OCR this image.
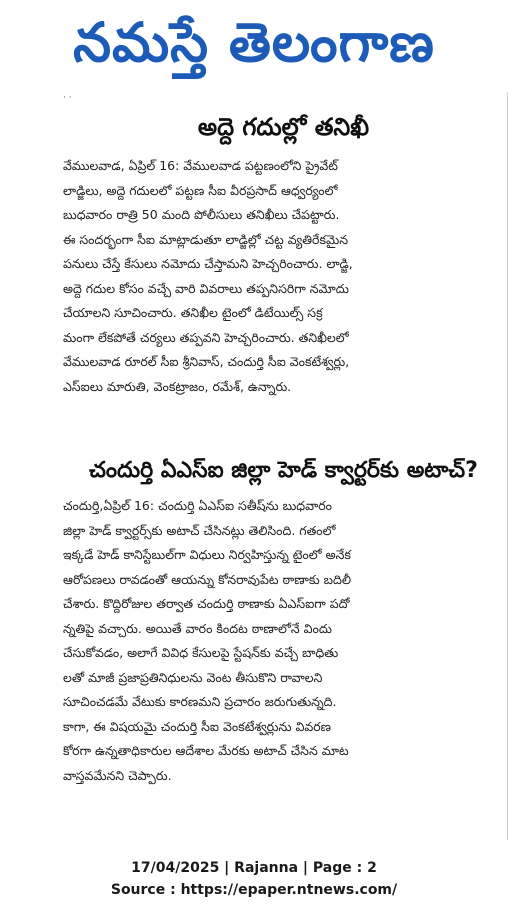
నమస్తే తెలంగాణ
· ·
అద్దె గదుల్లో తనిఖీ
వేములవాడ, ఏప్రిల్ 16: వేములవాడ పట్టణంలోని ప్రైవేట్
లాడ్జిలు, అద్దె గదులలో పట్టణ సీఐ వీరప్రసాద్ ఆధ్వర్యంలో
బుధవారం రాత్రి 50 మంది పోలీసులు తనిఖీలు చేపట్టారు.
ఈ సందర్భంగా సీఐ మాట్లాడుతూ లాడ్జిల్లో చట్ట వ్యతిరేకమైన
పనులు చేస్తే కేసులు నమోదు చేస్తామని హెచ్చరించారు. లాడ్జి,
అద్దె గదుల కోసం వచ్చే వారి వివరాలు తప్పనిసరిగా నమోదు
చేయాలని సూచించారు. తనిఖీల టైంలో డిటేయిల్స్ సక్ర
మంగా లేకపోతే చర్యలు తప్పవని హెచ్చరించారు. తనిఖీలలో
వేములవాడ రూరల్ సీఐ శ్రీనివాస్, చందుర్తి సీఐ వెంకటేశ్వర్లు,
ఎస్ఐలు మారుతి, వెంకట్రాజం, రమేశ్, ఉన్నారు.
చందుర్తి ఏఎస్ఐ జిల్లా హెడ్ క్వార్టర్‌కు అటాచ్?
చందుర్తి,ఏప్రిల్ 16: చందుర్తి ఏఎస్ఐ సతీష్‌ను బుధవారం
జిల్లా హెడ్ క్వార్టర్స్‌కు అటాచ్ చేసినట్లు తెలిసింది. గతంలో
ఇక్కడే హెడ్ కానిస్టేబుల్‌గా విధులు నిర్వహిస్తున్న టైంలో అనేక
ఆరోపణలు రావడంతో ఆయన్ను కోనరావుపేట ఠాణాకు బదిలీ
చేశారు. కొద్దిరోజుల తర్వాత చందుర్తి ఠాణాకు ఏఎస్ఐగా పదో
న్నతిపై వచ్చారు. అయితే వారం కిందట ఠాణాలోనే విందు
చేసుకోవడం, అలాగే వివిధ కేసులపై స్టేషన్‌కు వచ్చే బాధితు
లతో మాజీ ప్రజాప్రతినిధులను వెంట తీసుకొని రావాలని
సూచించడమే వేటుకు కారణమని ప్రచారం జరుగుతున్నది.
కాగా, ఈ విషయమై చందుర్తి సీఐ వెంకటేశ్వర్లును వివరణ
కోరగా ఉన్నతాధికారుల ఆదేశాల మేరకు అటాచ్ చేసిన మాట
వాస్తవమేనని చెప్పారు.
17/04/2025 | Rajanna | Page : 2
Source : https://epaper.ntnews.com/
